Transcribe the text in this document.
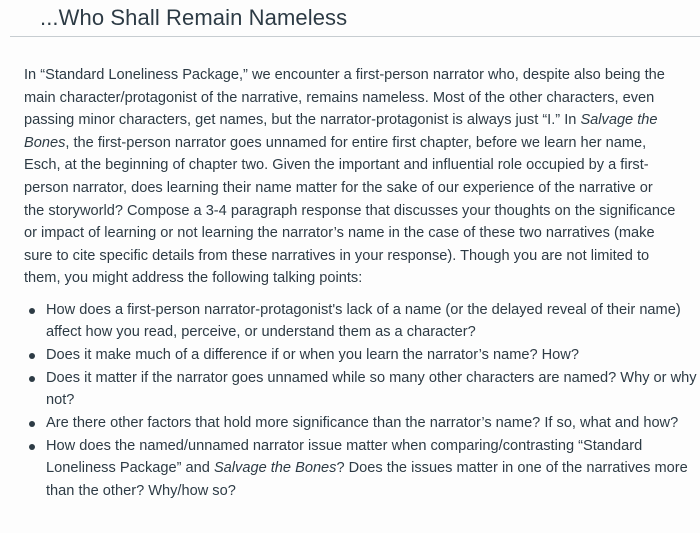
...Who Shall Remain Nameless

In “Standard Loneliness Package,” we encounter a first-person narrator who, despite also being the main character/protagonist of the narrative, remains nameless. Most of the other characters, even passing minor characters, get names, but the narrator-protagonist is always just “I.” In Salvage the Bones, the first-person narrator goes unnamed for entire first chapter, before we learn her name, Esch, at the beginning of chapter two. Given the important and influential role occupied by a first-person narrator, does learning their name matter for the sake of our experience of the narrative or the storyworld? Compose a 3-4 paragraph response that discusses your thoughts on the significance or impact of learning or not learning the narrator’s name in the case of these two narratives (make sure to cite specific details from these narratives in your response). Though you are not limited to them, you might address the following talking points:

How does a first-person narrator-protagonist's lack of a name (or the delayed reveal of their name) affect how you read, perceive, or understand them as a character?
Does it make much of a difference if or when you learn the narrator’s name? How?
Does it matter if the narrator goes unnamed while so many other characters are named? Why or why not?
Are there other factors that hold more significance than the narrator’s name? If so, what and how?
How does the named/unnamed narrator issue matter when comparing/contrasting “Standard Loneliness Package” and Salvage the Bones? Does the issues matter in one of the narratives more than the other? Why/how so?
